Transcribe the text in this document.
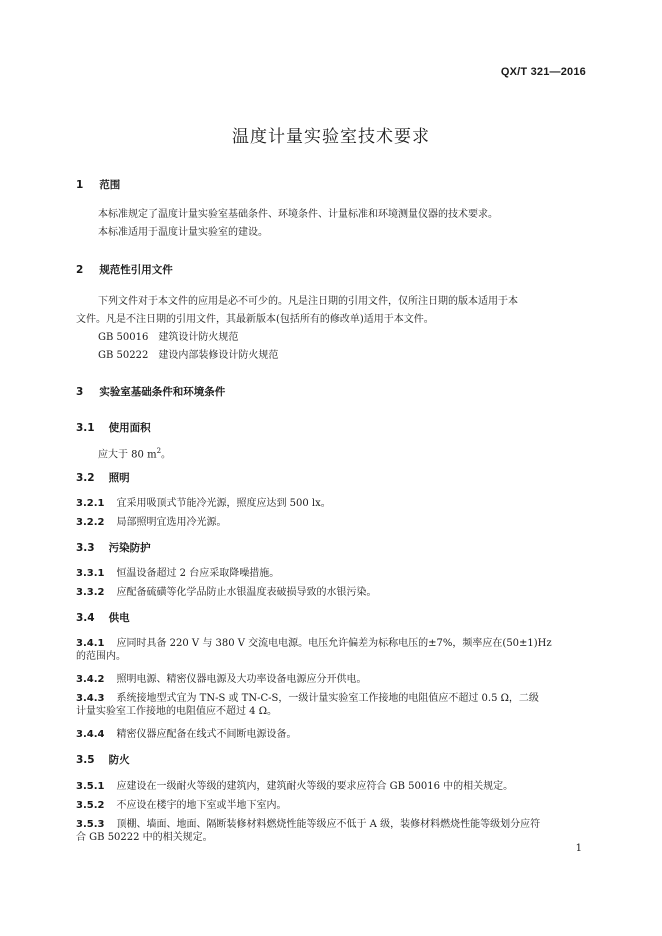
QX/T 321—2016
温度计量实验室技术要求
1 范围
本标准规定了温度计量实验室基础条件、环境条件、计量标准和环境测量仪器的技术要求。
本标准适用于温度计量实验室的建设。
2 规范性引用文件
下列文件对于本文件的应用是必不可少的。凡是注日期的引用文件，仅所注日期的版本适用于本
文件。凡是不注日期的引用文件，其最新版本(包括所有的修改单)适用于本文件。
GB 50016　建筑设计防火规范
GB 50222　建设内部装修设计防火规范
3 实验室基础条件和环境条件
3.1 使用面积
应大于 80 $m^2$。
3.2 照明
3.2.1 宜采用吸顶式节能冷光源，照度应达到 500 lx。
3.2.2 局部照明宜选用冷光源。
3.3 污染防护
3.3.1 恒温设备超过 2 台应采取降噪措施。
3.3.2 应配备硫磺等化学品防止水银温度表破损导致的水银污染。
3.4 供电
3.4.1 应同时具备 220 V 与 380 V 交流电电源。电压允许偏差为标称电压的±7%，频率应在(50±1)Hz
的范围内。
3.4.2 照明电源、精密仪器电源及大功率设备电源应分开供电。
3.4.3 系统接地型式宜为 TN-S 或 TN-C-S，一级计量实验室工作接地的电阻值应不超过 0.5 Ω，二级
计量实验室工作接地的电阻值应不超过 4 Ω。
3.4.4 精密仪器应配备在线式不间断电源设备。
3.5 防火
3.5.1 应建设在一级耐火等级的建筑内，建筑耐火等级的要求应符合 GB 50016 中的相关规定。
3.5.2 不应设在楼宇的地下室或半地下室内。
3.5.3 顶棚、墙面、地面、隔断装修材料燃烧性能等级应不低于 A 级，装修材料燃烧性能等级划分应符
合 GB 50222 中的相关规定。
1
